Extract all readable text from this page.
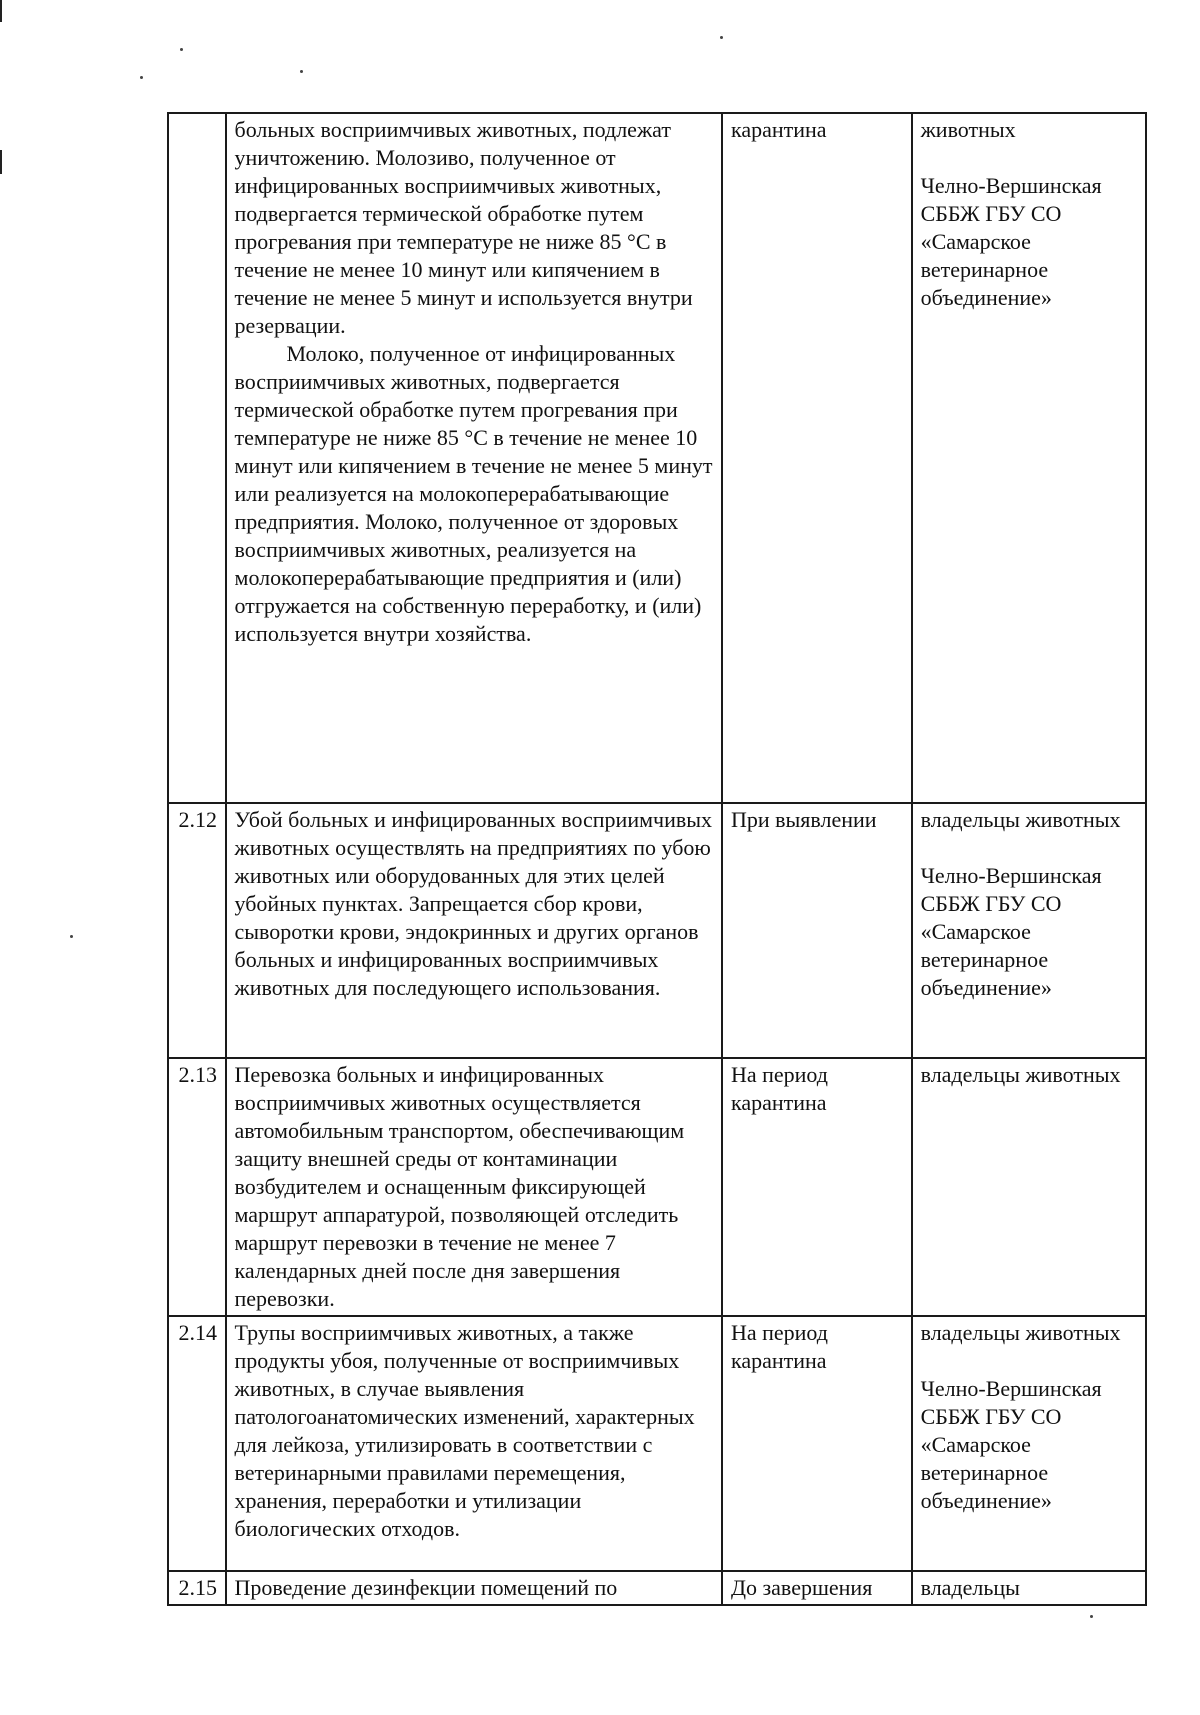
	больных восприимчивых животных, подлежат уничтожению. Молозиво, полученное от инфицированных восприимчивых животных, подвергается термической обработке путем прогревания при температуре не ниже 85 °С в течение не менее 10 минут или кипячением в течение не менее 5 минут и используется внутри резервации.
Молоко, полученное от инфицированных восприимчивых животных, подвергается термической обработке путем прогревания при температуре не ниже 85 °С в течение не менее 10 минут или кипячением в течение не менее 5 минут или реализуется на молокоперерабатывающие предприятия. Молоко, полученное от здоровых восприимчивых животных, реализуется на молокоперерабатывающие предприятия и (или) отгружается на собственную переработку, и (или) используется внутри хозяйства.	карантина	животных
Челно-Вершинская СББЖ ГБУ СО «Самарское ветеринарное объединение»

2.12	Убой больных и инфицированных восприимчивых животных осуществлять на предприятиях по убою животных или оборудованных для этих целей убойных пунктах. Запрещается сбор крови, сыворотки крови, эндокринных и других органов больных и инфицированных восприимчивых животных для последующего использования.	При выявлении	владельцы животных
Челно-Вершинская СББЖ ГБУ СО «Самарское ветеринарное объединение»

2.13	Перевозка больных и инфицированных восприимчивых животных осуществляется автомобильным транспортом, обеспечивающим защиту внешней среды от контаминации возбудителем и оснащенным фиксирующей маршрут аппаратурой, позволяющей отследить маршрут перевозки в течение не менее 7 календарных дней после дня завершения перевозки.	На период карантина	владельцы животных

2.14	Трупы восприимчивых животных, а также продукты убоя, полученные от восприимчивых животных, в случае выявления патологоанатомических изменений, характерных для лейкоза, утилизировать в соответствии с ветеринарными правилами перемещения, хранения, переработки и утилизации биологических отходов.	На период карантина	владельцы животных
Челно-Вершинская СББЖ ГБУ СО «Самарское ветеринарное объединение»

2.15	Проведение дезинфекции помещений по	До завершения	владельцы
